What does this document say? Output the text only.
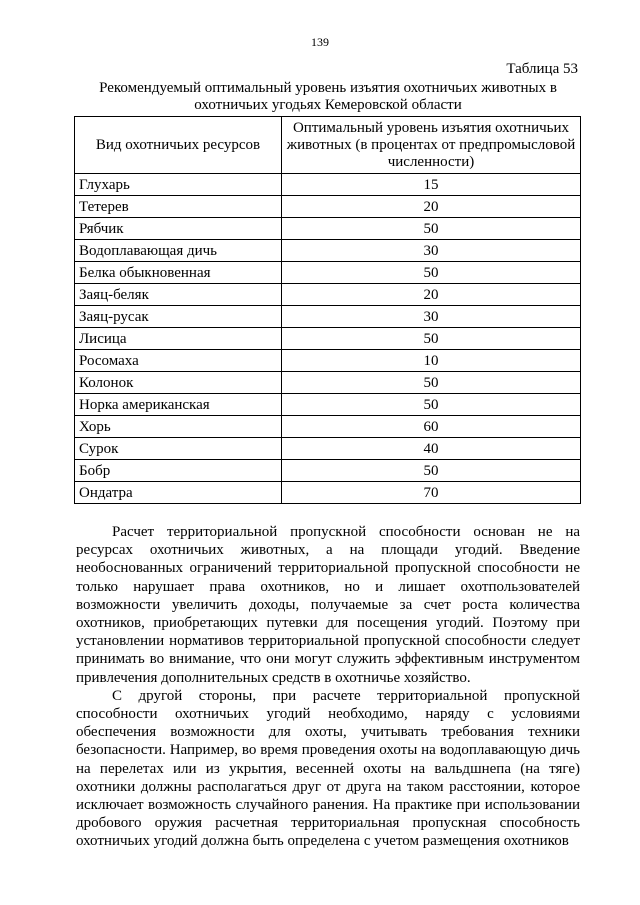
139
Таблица 53
Рекомендуемый оптимальный уровень изъятия охотничьих животных в охотничьих угодьях Кемеровской области
Вид охотничьих ресурсов	Оптимальный уровень изъятия охотничьих животных (в процентах от предпромысловой численности)
Глухарь	15
Тетерев	20
Рябчик	50
Водоплавающая дичь	30
Белка обыкновенная	50
Заяц-беляк	20
Заяц-русак	30
Лисица	50
Росомаха	10
Колонок	50
Норка американская	50
Хорь	60
Сурок	40
Бобр	50
Ондатра	70

Расчет территориальной пропускной способности основан не на ресурсах охотничьих животных, а на площади угодий. Введение необоснованных ограничений территориальной пропускной способности не только нарушает права охотников, но и лишает охотпользователей возможности увеличить доходы, получаемые за счет роста количества охотников, приобретающих путевки для посещения угодий. Поэтому при установлении нормативов территориальной пропускной способности следует принимать во внимание, что они могут служить эффективным инструментом привлечения дополнительных средств в охотничье хозяйство.

С другой стороны, при расчете территориальной пропускной способности охотничьих угодий необходимо, наряду с условиями обеспечения возможности для охоты, учитывать требования техники безопасности. Например, во время проведения охоты на водоплавающую дичь на перелетах или из укрытия, весенней охоты на вальдшнепа (на тяге) охотники должны располагаться друг от друга на таком расстоянии, которое исключает возможность случайного ранения. На практике при использовании дробового оружия расчетная территориальная пропускная способность охотничьих угодий должна быть определена с учетом размещения охотников
